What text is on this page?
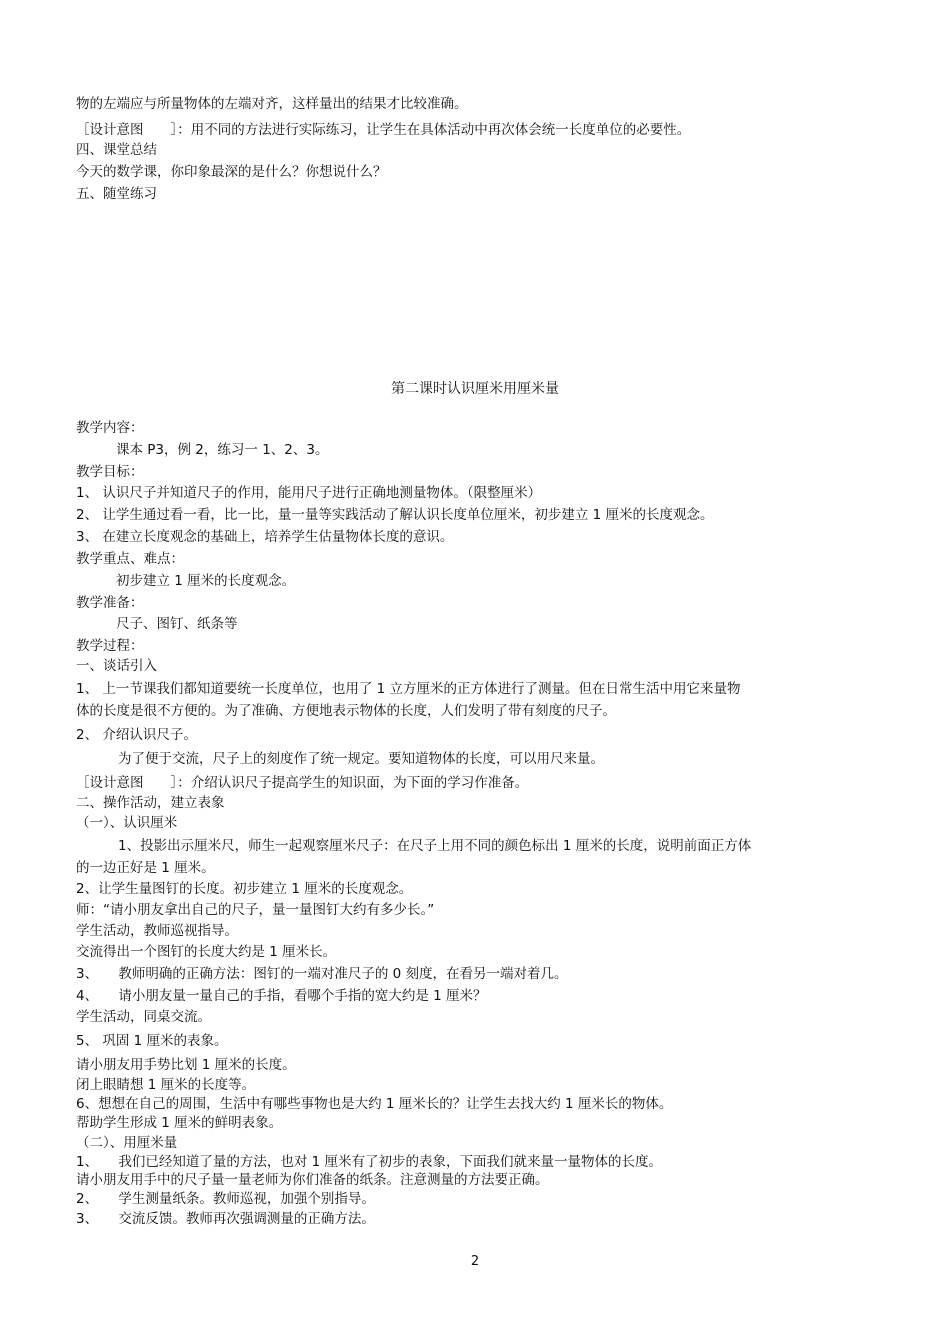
物的左端应与所量物体的左端对齐，这样量出的结果才比较准确。

［设计意图　　］：用不同的方法进行实际练习，让学生在具体活动中再次体会统一长度单位的必要性。

四、课堂总结

今天的数学课，你印象最深的是什么？你想说什么？

五、随堂练习

第二课时认识厘米用厘米量

教学内容：

课本 P3，例 2，练习一 1、2、3。

教学目标：

1、 认识尺子并知道尺子的作用，能用尺子进行正确地测量物体。（限整厘米）

2、 让学生通过看一看，比一比，量一量等实践活动了解认识长度单位厘米，初步建立 1 厘米的长度观念。

3、 在建立长度观念的基础上，培养学生估量物体长度的意识。

教学重点、难点：

初步建立 1 厘米的长度观念。

教学准备：

尺子、图钉、纸条等

教学过程：

一、谈话引入

1、 上一节课我们都知道要统一长度单位，也用了 1 立方厘米的正方体进行了测量。但在日常生活中用它来量物

体的长度是很不方便的。为了准确、方便地表示物体的长度，人们发明了带有刻度的尺子。

2、 介绍认识尺子。

为了便于交流，尺子上的刻度作了统一规定。要知道物体的长度，可以用尺来量。

［设计意图　　］：介绍认识尺子提高学生的知识面，为下面的学习作准备。

二、操作活动，建立表象

（一）、认识厘米

1、投影出示厘米尺，师生一起观察厘米尺子：在尺子上用不同的颜色标出 1 厘米的长度，说明前面正方体

的一边正好是 1 厘米。

2、让学生量图钉的长度。初步建立 1 厘米的长度观念。

师：“请小朋友拿出自己的尺子，量一量图钉大约有多少长。”

学生活动，教师巡视指导。

交流得出一个图钉的长度大约是 1 厘米长。

3、　　教师明确的正确方法：图钉的一端对准尺子的 0 刻度，在看另一端对着几。

4、　　请小朋友量一量自己的手指，看哪个手指的宽大约是 1 厘米？

学生活动，同桌交流。

5、 巩固 1 厘米的表象。

请小朋友用手势比划 1 厘米的长度。

闭上眼睛想 1 厘米的长度等。

6、想想在自己的周围，生活中有哪些事物也是大约 1 厘米长的？让学生去找大约 1 厘米长的物体。

帮助学生形成 1 厘米的鲜明表象。

（二）、用厘米量

1、　　我们已经知道了量的方法，也对 1 厘米有了初步的表象，下面我们就来量一量物体的长度。

请小朋友用手中的尺子量一量老师为你们准备的纸条。注意测量的方法要正确。

2、　　学生测量纸条。教师巡视，加强个别指导。

3、　　交流反馈。教师再次强调测量的正确方法。

2
